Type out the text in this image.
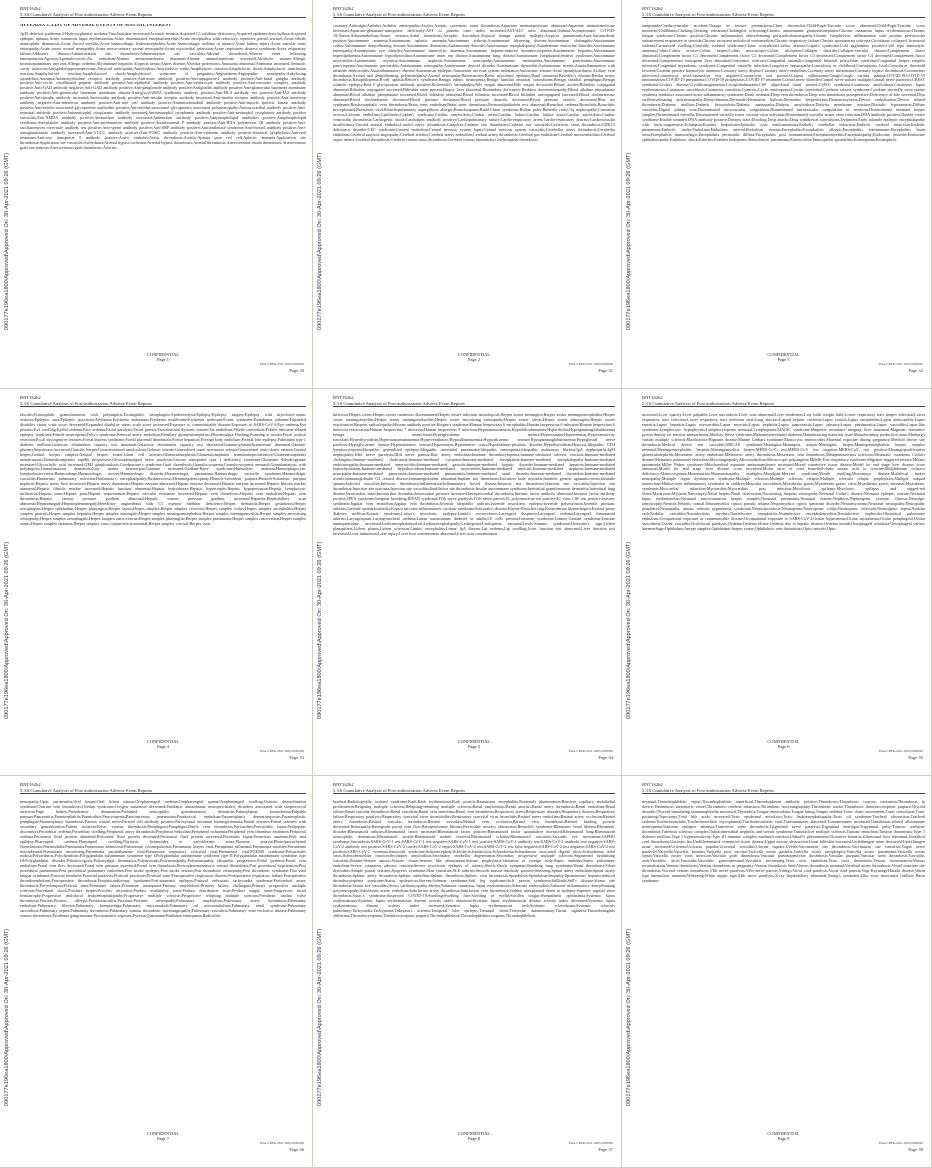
090177e196ea1800\Approved\Approved On: 30-Apr-2021 09:26 (GMT)
BNT162b2
5.3.6 Cumulative Analysis of Post-authorization Adverse Event Reports
APPENDIX 1. LIST OF ADVERSE EVENTS OF SPECIAL INTEREST
1p36 deletion syndrome;2-Hydroxyglutaric aciduria;5'nucleotidase increased;Acoustic neuritis;Acquired C1 inhibitor deficiency;Acquired epidermolysis bullosa;Acquired epileptic aphasia;Acute cutaneous lupus erythematosus;Acute disseminated encephalomyelitis;Acute encephalitis with refractory, repetitive partial seizures;Acute febrile neutrophilic dermatosis;Acute flaccid myelitis;Acute haemorrhagic leukoencephalitis;Acute haemorrhagic oedema of infancy;Acute kidney injury;Acute macular outer retinopathy;Acute motor axonal neuropathy;Acute motor-sensory axonal neuropathy;Acute myocardial infarction;Acute respiratory distress syndrome;Acute respiratory failure;Addison's disease;Administration site thrombosis;Administration site vasculitis;Adrenal thrombosis;Adverse event following immunisation;Ageusia;Agranulocytosis;Air embolism;Alanine aminotransferase abnormal;Alanine aminotransferase increased;Alcoholic seizure;Allergic bronchopulmonary mycosis;Allergic oedema;Alloimmune hepatitis;Alopecia areata;Alpers disease;Alveolar proteinosis;Ammonia abnormal;Ammonia increased;Amniotic cavity infection;Amygdalohippocampectomy;Amyloid arthropathy;Amyloidosis;Amyloidosis senile;Anaphylactic reaction;Anaphylactic shock;Anaphylactic transfusion reaction;Anaphylactoid reaction;Anaphylactoid shock;Anaphylactoid syndrome of pregnancy;Angioedema;Angiopathic neuropathy;Ankylosing spondylitis;Anosmia;Antiacetylcholine receptor antibody positive;Anti-actin antibody positive;Anti-aquaporin-4 antibody positive;Anti-basal ganglia antibody positive;Anti-cyclic citrullinated peptide antibody positive;Anti-epithelial antibody positive;Anti-erythrocyte antibody positive;Anti-exosome complex antibody positive;Anti-GAD antibody negative;Anti-GAD antibody positive;Anti-ganglioside antibody positive;Antigliadin antibody positive;Anti-glomerular basement membrane antibody positive;Anti-glomerular basement membrane disease;Anti-glycyl-tRNA synthetase antibody positive;Anti-HLA antibody test positive;Anti-IA2 antibody positive;Anti-insulin antibody increased;Anti-insulin antibody positive;Anti-insulin receptor antibody increased;Anti-insulin receptor antibody positive;Anti-interferon antibody negative;Anti-interferon antibody positive;Anti-islet cell antibody positive;Antimitochondrial antibody positive;Anti-muscle specific kinase antibody positive;Anti-myelin-associated glycoprotein antibodies positive;Anti-myelin-associated glycoprotein associated polyneuropathy;Antimyocardial antibody positive;Anti-neuronal antibody positive;Antineutrophil cytoplasmic antibody increased;Antineutrophil cytoplasmic antibody positive;Anti-neutrophil cytoplasmic antibody positive vasculitis;Anti-NMDA antibody positive;Antinuclear antibody increased;Antinuclear antibody positive;Antiphospholipid antibodies positive;Antiphospholipid syndrome;Anti-platelet antibody positive;Anti-prothrombin antibody positive;Antiribosomal P antibody positive;Anti-RNA polymerase III antibody positive;Anti-saccharomyces cerevisiae antibody test positive;Anti-sperm antibody positive;Anti-SRP antibody positive;Antisynthetase syndrome;Anti-thyroid antibody positive;Anti-transglutaminase antibody increased;Anti-VGCC antibody positive;Anti-VGKC antibody positive;Anti-vimentin antibody positive;Antiviral prophylaxis;Antiviral treatment;Anti-zinc transporter 8 antibody positive;Aortic embolus;Aortic thrombosis;Aortitis;Aplasia pure red cell;Aplastic anaemia;Application site thrombosis;Application site vasculitis;Arrhythmia;Arterial bypass occlusion;Arterial bypass thrombosis;Arterial thrombosis;Arteriovenous fistula thrombosis;Arteriovenous graft site stenosis;Arteriovenous graft thrombosis;Arteritis
CONFIDENTIAL
Page 1
FDA-CBER-2021-5683-0000000
Page 30
090177e196ea1800\Approved\Approved On: 30-Apr-2021 09:26 (GMT)
BNT162b2
5.3.6 Cumulative Analysis of Post-authorization Adverse Event Reports
coronary;Arthralgia;Arthritis;Arthritis enteropathic;Ascites;Aseptic cavernous sinus thrombosis;Aspartate aminotransferase abnormal;Aspartate aminotransferase increased;Aspartate-glutamate-transporter deficiency;AST to platelet ratio index increased;AST/ALT ratio abnormal;Asthma;Asymptomatic COVID-19;Ataxia;Atheroembolism;Atonic seizures;Atrial thrombosis;Atrophic thyroiditis;Atypical benign partial epilepsy;Atypical pneumonia;Aura;Autoantibody positive;Autoimmune anaemia;Autoimmune aplastic anaemia;Autoimmune arthritis;Autoimmune blistering disease;Autoimmune cholangitis;Autoimmune colitis;Autoimmune demyelinating disease;Autoimmune dermatitis;Autoimmune disorder;Autoimmune encephalopathy;Autoimmune endocrine disorder;Autoimmune enteropathy;Autoimmune eye disorder;Autoimmune haemolytic anaemia;Autoimmune heparin-induced thrombocytopenia;Autoimmune hepatitis;Autoimmune hyperlipidaemia;Autoimmune hypothyroidism;Autoimmune inner ear disease;Autoimmune lung disease;Autoimmune lymphoproliferative syndrome;Autoimmune myocarditis;Autoimmune myositis;Autoimmune nephritis;Autoimmune neuropathy;Autoimmune neutropenia;Autoimmune pancreatitis;Autoimmune pancytopenia;Autoimmune pericarditis;Autoimmune retinopathy;Autoimmune thyroid disorder;Autoimmune thyroiditis;Autoimmune uveitis;Autoinflammation with infantile enterocolitis;Autoinflammatory disease;Automatism epileptic;Autonomic nervous system imbalance;Autonomic seizure;Axial spondyloarthritis;Axillary vein thrombosis;Axonal and demyelinating polyneuropathy;Axonal neuropathy;Bacterascites;Baltic myoclonic epilepsy;Band sensation;Basedow's disease;Basilar artery thrombosis;Basophilopenia;B-cell aplasia;Behcet's syndrome;Benign ethnic neutropenia;Benign familial neonatal convulsions;Benign familial pemphigus;Benign rolandic epilepsy;Beta-2 glycoprotein antibody positive;Bickerstaff's encephalitis;Bile output abnormal;Bile output decreased;Biliary ascites;Bilirubin conjugated abnormal;Bilirubin conjugated increased;Bilirubin urine present;Biopsy liver abnormal;Biotinidase deficiency;Birdshot chorioretinopathy;Blood alkaline phosphatase abnormal;Blood alkaline phosphatase increased;Blood bilirubin abnormal;Blood bilirubin increased;Blood bilirubin unconjugated increased;Blood cholinesterase abnormal;Blood cholinesterase decreased;Blood pressure decreased;Blood pressure diastolic decreased;Blood pressure systolic decreased;Blue toe syndrome;Brachiocephalic vein thrombosis;Brain stem embolism;Brain stem thrombosis;Bromosulphthalein test abnormal;Bronchial oedema;Bronchitis;Bronchitis mycoplasmal;Bronchitis viral;Bronchopulmonary aspergillosis allergic;Bronchospasm;Budd-Chiari syndrome;Bulbar palsy;Butterfly rash;C1q nephropathy;Caesarean section;Calcium embolism;Capillaritis;Caplan's syndrome;Cardiac amyloidosis;Cardiac arrest;Cardiac failure;Cardiac failure acute;Cardiac sarcoidosis;Cardiac ventricular thrombosis;Cardiogenic shock;Cardiolipin antibody positive;Cardiopulmonary failure;Cardio-respiratory arrest;Cardio-respiratory distress;Cardiovascular insufficiency;Carotid arterial embolus;Carotid artery thrombosis;Cataplexy;Catheter site thrombosis;Catheter site vasculitis;Cavernous sinus thrombosis;CDKL5 deficiency disorder;CEC syndrome;Cement embolism;Central nervous system lupus;Central nervous system vasculitis;Cerebellar artery thrombosis;Cerebellar embolism;Cerebral amyloid angiopathy;Cerebral arteritis;Cerebral artery embolism;Cerebral artery thrombosis;Cerebral gas embolism;Cerebral microembolism;Cerebral septic infarct;Cerebral thrombosis;Cerebral venous sinus thrombosis;Cerebral venous thrombosis;Cerebrospinal thrombotic
CONFIDENTIAL
Page 2
FDA-CBER-2021-5683-0000000
Page 31
090177e196ea1800\Approved\Approved On: 30-Apr-2021 09:26 (GMT)
BNT162b2
5.3.6 Cumulative Analysis of Post-authorization Adverse Event Reports
tamponade;Cerebrovascular accident;Change in seizure presentation;Chest discomfort;Child-Pugh-Turcotte score abnormal;Child-Pugh-Turcotte score increased;Chillblains;Choking;Choking sensation;Cholangitis sclerosing;Chronic autoimmune glomerulonephritis;Chronic cutaneous lupus erythematosus;Chronic fatigue syndrome;Chronic gastritis;Chronic inflammatory demyelinating polyradiculoneuropathy;Chronic lymphocytic inflammation with pontine perivascular enhancement responsive to steroids;Chronic recurrent multifocal osteomyelitis;Chronic respiratory failure;Chronic spontaneous urticaria;Circulatory collapse;Circumoral oedema;Circumoral swelling;Clinically isolated syndrome;Clonic convulsion;Coeliac disease;Cogan's syndrome;Cold agglutinins positive;Cold type haemolytic anaemia;Colitis;Colitis erosive;Colitis herpes;Colitis microscopic;Colitis ulcerative;Collagen disorder;Collagen-vascular disease;Complement factor abnormal;Complement factor C1 decreased;Complement factor C2 decreased;Complement factor C3 decreased;Complement factor C4 decreased;Complement factor decreased;Computerised tomogram liver abnormal;Concentric sclerosis;Congenital anomaly;Congenital bilateral perisylvian syndrome;Congenital herpes simplex infection;Congenital myasthenic syndrome;Congenital varicella infection;Congestive hepatopathy;Convulsion in childhood;Convulsions local;Convulsive threshold lowered;Coombs positive haemolytic anaemia;Coronary artery disease;Coronary artery embolism;Coronary artery thrombosis;Coronary bypass thrombosis;Coronavirus infection;Coronavirus test;Coronavirus test negative;Coronavirus test positive;Corpus callosotomy;Cough;Cough variant asthma;COVID-19;COVID-19 immunisation;COVID-19 pneumonia;COVID-19 prophylaxis;COVID-19 treatment;Cranial nerve disorder;Cranial nerve palsies multiple;Cranial nerve paralysis;CREST syndrome;Crohn's disease;Cryofibrinogenaemia;Cryoglobulinaemia;CSF oligoclonal band present;CSWS syndrome;Cutaneous amyloidosis;Cutaneous lupus erythematosus;Cutaneous sarcoidosis;Cutaneous vasculitis;Cyanosis;Cyclic neutropenia;Cystitis interstitial;Cytokine release syndrome;Cytokine storm;De novo purine synthesis inhibitors associated acute inflammatory syndrome;Death neonatal;Deep vein thrombosis;Deep vein thrombosis postoperative;Deficiency of bile secretion;Deja vu;Demyelinating polyneuropathy;Demyelination;Dermatitis;Dermatitis bullous;Dermatitis herpetiformis;Dermatomyositis;Device embolisation;Device related thrombosis;Diabetes mellitus;Diabetic ketoacidosis;Diabetic mastopathy;Dialysis amyloidosis;Dialysis membrane reaction;Diastolic hypotension;Diffuse vasculitis;Digital pitting scar;Disseminated intravascular coagulation;Disseminated intravascular coagulation in newborn;Disseminated neonatal herpes simplex;Disseminated varicella;Disseminated varicella zoster vaccine virus infection;Disseminated varicella zoster virus infection;DNA antibody positive;Double cortex syndrome;Double stranded DNA antibody positive;Dreamy state;Drooling;Drop attacks;Drug withdrawal convulsions;Dyspnoea;Early infantile epileptic encephalopathy with burst-suppression;Eclampsia;Eczema herpeticum;Embolia cutis medicamentosa;Embolic cerebellar infarction;Embolic cerebral infarction;Embolic pneumonia;Embolic stroke;Embolism;Embolism arterial;Embolism venous;Encephalitis;Encephalitis allergic;Encephalitis autoimmune;Encephalitis brain stem;Encephalitis haemorrhagic;Encephalitis periaxialis diffusa;Encephalitis post immunisation;Encephalomyelitis;Encephalopathy;Endocrine disorder;Endocrine ophthalmopathy;Endotoxic shock;Enteritis;Enteritis leukopenic;Enterobacter pneumonia;Enterocolitis;Enteropathic spondylitis;Eosinopenia;Eosinophilic
CONFIDENTIAL
Page 3
FDA-CBER-2021-5683-0000000
Page 32
090177e196ea1800\Approved\Approved On: 30-Apr-2021 09:26 (GMT)
BNT162b2
5.3.6 Cumulative Analysis of Post-authorization Adverse Event Reports
fasciitis;Eosinophilic granulomatosis with polyangiitis;Eosinophilic oesophagitis;Epidermolysis;Epilepsy;Epilepsy surgery;Epilepsy with myoclonic-atonic seizures;Epileptic aura;Epileptic psychosis;Erythema;Erythema induratum;Erythema multiforme;Erythema nodosum;Evans syndrome;Exanthema subitum;Expanded disability status scale score decreased;Expanded disability status scale score increased;Exposure to communicable disease;Exposure to SARS-CoV-2;Eye oedema;Eye pruritus;Eye swelling;Eyelid oedema;Face oedema;Facial paralysis;Facial paresis;Faciobrachial dystonic seizure;Fat embolism;Febrile convulsion;Febrile infection-related epilepsy syndrome;Febrile neutropenia;Felty's syndrome;Femoral artery embolism;Fibrillary glomerulonephritis;Fibromyalgia;Flushing;Foaming at mouth;Focal cortical resection;Focal dyscognitive seizures;Foetal distress syndrome;Foetal placental thrombosis;Foetor hepaticus;Foreign body embolism;Frontal lobe epilepsy;Fulminant type 1 diabetes mellitus;Galactose elimination capacity test abnormal;Galactose elimination capacity test decreased;Gamma-glutamyltransferase abnormal;Gamma-glutamyltransferase increased;Gastritis herpes;Gastrointestinal amyloidosis;Gelastic seizure;Generalised onset non-motor seizure;Generalised tonic-clonic seizure;Genital herpes;Genital herpes simplex;Genital herpes zoster;Giant cell arteritis;Glomerulonephritis;Glomerulonephritis membranoproliferative;Glomerulonephritis membranous;Glomerulonephritis rapidly progressive;Glossopharyngeal nerve paralysis;Glucose transporter type 1 deficiency syndrome;Glutamate dehydrogenase increased;Glycocholic acid increased;GM2 gangliosidosis;Goodpasture's syndrome;Graft thrombosis;Granulocytopenia;Granulocytopenia neonatal;Granulomatosis with polyangiitis;Granulomatous dermatitis;Grey matter heterotopia;Guanase increased;Guillain-Barre syndrome;Haemolytic anaemia;Haemophagocytic lymphohistiocytosis;Haemorrhage;Haemorrhagic ascites;Haemorrhagic disorder;Haemorrhagic pneumonia;Haemorrhagic varicella syndrome;Haemorrhagic vasculitis;Hantavirus pulmonary infection;Hashimoto's encephalopathy;Hashitoxicosis;Hemimegalencephaly;Henoch-Schonlein purpura;Henoch-Schonlein purpura nephritis;Hepatic artery flow decreased;Hepatic artery thrombosis;Hepatic enzyme abnormal;Hepatic enzyme decreased;Hepatic enzyme increased;Hepatic fibrosis marker abnormal;Hepatic fibrosis marker increased;Hepatic function abnormal;Hepatic hydrothorax;Hepatic hypertrophy;Hepatic hypoperfusion;Hepatic lymphocytic infiltration;Hepatic mass;Hepatic pain;Hepatic sequestration;Hepatic vascular resistance increased;Hepatic vein thrombosis;Hepatic vein embolism;Hepatic vein thrombosis;Hepatic venous pressure gradient abnormal;Hepatic venous pressure gradient increased;Hepatitis;Hepatobiliary scan abnormal;Hepatomegaly;Hepatosplenomegaly;Hereditary angioedema with C1 esterase inhibitor deficiency;Herpes dermatitis;Herpes gestationis;Herpes oesophagitis;Herpes ophthalmic;Herpes pharyngitis;Herpes sepsis;Herpes simplex;Herpes simplex cervicitis;Herpes simplex colitis;Herpes simplex encephalitis;Herpes simplex gastritis;Herpes simplex hepatitis;Herpes simplex meningitis;Herpes simplex meningoencephalitis;Herpes simplex meningomyelitis;Herpes simplex necrotising retinopathy;Herpes simplex oesophagitis;Herpes simplex otitis externa;Herpes simplex pharyngitis;Herpes simplex pneumonia;Herpes simplex reactivation;Herpes simplex sepsis;Herpes simplex viraemia;Herpes simplex virus conjunctivitis neonatal;Herpes simplex visceral;Herpes virus
CONFIDENTIAL
Page 4
FDA-CBER-2021-5683-0000000
Page 33
090177e196ea1800\Approved\Approved On: 30-Apr-2021 09:26 (GMT)
BNT162b2
5.3.6 Cumulative Analysis of Post-authorization Adverse Event Reports
infection;Herpes zoster;Herpes zoster cutaneous disseminated;Herpes zoster infection neurological;Herpes zoster meningitis;Herpes zoster meningoencephalitis;Herpes zoster meningomyelitis;Herpes zoster meningoradiculitis;Herpes zoster necrotising retinopathy;Herpes zoster oticus;Herpes zoster pharyngitis;Herpes zoster reactivation;Herpetic radiculopathy;Histone antibody positive;Hoigne's syndrome;Human herpesvirus 6 encephalitis;Human herpesvirus 6 infection;Human herpesvirus 6 infection reactivation;Human herpesvirus 7 infection;Human herpesvirus 8 infection;Hyperammonaemia;Hyperbilirubinaemia;Hypercholia;Hypergammaglobulinaemia benign monoclonal;Hyperglycaemic seizure;Hypersomnia;Hypertension;Hypersensitivity vasculitis;Hyperthyroidism;Hypertransaminasaemia;Hyperventilation;Hypoalbuminaemia;Hypocalcaemic seizure;Hypogammaglobulinaemia;Hypoglossal nerve paralysis;Hypoglycaemic seizure;Hyponatraemic seizure;Hypotension;Hypotensive crisis;Hypothalamo-pituitary disorder;Hypothyroidism;Hypoxia;Idiopathic CD4 lymphocytopenia;Idiopathic generalised epilepsy;Idiopathic interstitial pneumonia;Idiopathic neutropenia;Idiopathic pulmonary fibrosis;IgA nephropathy;IgM nephropathy;IIIrd nerve paralysis;IIIrd nerve paresis;Iliac artery embolism;Immune thrombocytopenia;Immune-mediated adverse reaction;Immune-mediated cholangitis;Immune-mediated cholestasis;Immune-mediated cytopenia;Immune-mediated encephalitis;Immune-mediated encephalopathy;Immune-mediated endocrinopathy;Immune-mediated enterocolitis;Immune-mediated gastritis;Immune-mediated hepatic disorder;Immune-mediated hepatitis;Immune-mediated hyperthyroidism;Immune-mediated hypothyroidism;Immune-mediated myocarditis;Immune-mediated myositis;Immune-mediated nephritis;Immune-mediated neuropathy;Immune-mediated pancreatitis;Immune-mediated pneumonitis;Immune-mediated renal disorder;Immune-mediated thyroiditis;Immune-mediated uveitis;Immunoglobulin G4 related disease;Immunoglobulins abnormal;Implant site thrombosis;Inclusion body myositis;Infantile genetic agranulocytosis;Infantile spasms;Infected vasculitis;Infective thrombosis;Inflammation;Inflammatory bowel disease;Infusion site thrombosis;Infusion site vasculitis;Injection site thrombosis;Injection site urticaria;Injection site vasculitis;Instillation site thrombosis;Insulin autoimmune syndrome;Interstitial granulomatous dermatitis;Interstitial lung disease;Intracardiac mass;Intracardiac thrombus;Intracranial pressure increased;Intrapericardial thrombosis;Intrinsic factor antibody abnormal;Intrinsic factor antibody positive;IPEX syndrome;Irregular breathing;IRVAN syndrome;IVth nerve paralysis;IVth nerve paresis;JC polyomavirus test positive;JC virus CSF test positive;Jeavons syndrome;Jugular vein embolism;Jugular vein thrombosis;Juvenile idiopathic arthritis;Juvenile myoclonic epilepsy;Juvenile polymyositis;Juvenile psoriatic arthritis;Juvenile spondyloarthritis;Kaposi sarcoma inflammatory cytokine syndrome;Kawasaki's disease;Kayser-Fleischer ring;Keratoderma blenorrhagica;Ketosis-prone diabetes mellitus;Kounis syndrome;Lafora's myoclonic epilepsy;Lambl's excrescences;Laryngeal dyspnoea;Laryngeal oedema;Laryngeal rheumatoid arthritis;Laryngospasm;Laryngotracheal oedema;Latent autoimmune diabetes in adults;LE cells present;Lemierre syndrome;Lennox-Gastaut syndrome;Leucine aminopeptidase increased;Leukoencephalomyelitis;Leukoencephalopathy;Leukopenia;Leukopenia neonatal;Lewis-Sumner syndrome;Lhermitte's sign;Lichen planopilaris;Lichen planus;Lichen sclerosus;Limbic encephalitis;Linear IgA disease;Lip oedema;Lip swelling;Liver function test abnormal;Liver function test increased;Liver induration;Liver injury;Liver iron concentration abnormal;Liver iron concentration
CONFIDENTIAL
Page 5
FDA-CBER-2021-5683-0000000
Page 34
090177e196ea1800\Approved\Approved On: 30-Apr-2021 09:26 (GMT)
BNT162b2
5.3.6 Cumulative Analysis of Post-authorization Adverse Event Reports
increased;Liver opacity;Liver palpable;Liver sarcoidosis;Liver scan abnormal;Liver tenderness;Low birth weight baby;Lower respiratory tract herpes infection;Lower respiratory tract infection;Lower respiratory tract infection viral;Lung abscess;Lupoid hepatic cirrhosis;Lupus cystitis;Lupus encephalitis;Lupus endocarditis;Lupus enteritis;Lupus hepatitis;Lupus myocarditis;Lupus myositis;Lupus nephritis;Lupus pancreatitis;Lupus pleurisy;Lupus pneumonitis;Lupus vasculitis;Lupus-like syndrome;Lymphocytic hypophysitis;Lymphocytopenia neonatal;Lymphopenia;MAGIC syndrome;Magnetic resonance imaging liver abnormal;Magnetic resonance proton density fat fraction measurement;Mallory-Weiss syndrome;Malnutrition-related diabetes;Manufacturing materials issue;Manufacturing production issue;Marburg's variant multiple sclerosis;Marchiafava-Bignami disease;Marine Lenhart syndrome;Mastocytic enterocolitis;Maternal exposure during pregnancy;Medical device site thrombosis;Medical device site vasculitis;MELAS syndrome;Meningitis;Meningitis aseptic;Meningitis herpes;Meningoencephalitis herpes simplex neonatal;Meningoencephalitis herpetic;Meningomyelitis herpes;MERS-CoV test;MERS-CoV test negative;MERS-CoV test positive;Mesangioproliferative glomerulonephritis;Mesenteric artery embolism;Mesenteric artery thrombosis;Mesenteric vein thrombosis;Metapneumovirus infection;Metastatic cutaneous Crohn's disease;Metastatic pulmonary embolism;Microangiopathy;Microembolism;Microscopic polyangiitis;Middle East respiratory syndrome;Migraine-triggered seizure;Miliary pneumonia;Miller Fisher syndrome;Mitochondrial aspartate aminotransferase increased;Mixed connective tissue disease;Model for end stage liver disease score abnormal;Model for end stage liver disease score increased;Molar ratio of total branched-chain amino acid to tyrosine;Molybdenum cofactor deficiency;Monocytopenia;Mononeuritis;Mononeuropathy multiplex;Morphoea;Morvan syndrome;Mouth swelling;Moyamoya disease;Multifocal motor neuropathy;Multiple organ dysfunction syndrome;Multiple sclerosis;Multiple sclerosis relapse;Multiple sclerosis relapse prophylaxis;Multiple subpial transection;Multisystem inflammatory syndrome in children;Muscular sarcoidosis;Myasthenia gravis;Myasthenia gravis crisis;Myasthenia gravis neonatal;Myasthenic syndrome;Myocardial infarction;Myocarditis;Myocarditis post infection;Myoclonic epilepsy;Myoclonic epilepsy and ragged-red fibres;Myokymia;Myositis;Narcolepsy;Nasal herpes;Nasal obstruction;Necrotising herpetic retinopathy;Neonatal Crohn's disease;Neonatal epileptic seizure;Neonatal lupus erythematosus;Neonatal mucocutaneous herpes simplex;Neonatal pneumonia;Neonatal seizure;Nephritis;Nephrogenic systemic fibrosis;Neuralgic amyotrophy;Neuritis;Neuritis cranial;Neuromyelitis optica pseudo relapse;Neuromyelitis optica spectrum disorder;Neuromyotonia;Neuronal neuropathy;Neuropathy peripheral;Neuropathy, ataxia, retinitis pigmentosa syndrome;Neurosarcoidosis;Neutropenia;Neutropenic colitis;Neutropenic infection;Neutropenic sepsis;Nodular rash;Nodular vasculitis;Noninfectious myelitis;Noninfective encephalitis;Noninfective encephalomyelitis;Noninfective oophoritis;Obstetrical pulmonary embolism;Occupational exposure to communicable disease;Occupational exposure to SARS-CoV-2;Ocular hyperaemia;Ocular myasthenia;Ocular pemphigoid;Ocular sarcoidosis;Ocular vasculitis;Oculofacial paralysis;Oedema;Oedema blister;Oedema due to hepatic disease;Oedema mouth;Oesophageal achalasia;Oesophageal varices haemorrhage;Ophthalmic herpes simplex;Ophthalmic herpes zoster;Ophthalmic vein thrombosis;Optic neuritis;Optic
CONFIDENTIAL
Page 6
FDA-CBER-2021-5683-0000000
Page 35
090177e196ea1800\Approved\Approved On: 30-Apr-2021 09:26 (GMT)
BNT162b2
5.3.6 Cumulative Analysis of Post-authorization Adverse Event Reports
neuropathy;Optic perineuritis;Oral herpes;Oral lichen planus;Oropharyngeal oedema;Oropharyngeal spasm;Oropharyngeal swelling;Osmotic demyelination syndrome;Ovarian vein thrombosis;Overlap syndrome;Oxygen saturation decreased;Paediatric autoimmune neuropsychiatric disorders associated with streptococcal infection;Page kidney;Palindromic rheumatism;Palisaded neutrophilic granulomatous dermatitis;Palmoplantar keratoderma;Palpable purpura;Pancreatitis;Panencephalitis;Panniculitis;Pancytopenia;Paracancerous pneumonia;Paradoxical embolism;Paraneoplastic dermatomyositis;Paraneoplastic pemphigus;Paraneoplastic thrombosis;Paresis cranial nerve;Parietal cell antibody positive;Paroxysmal nocturnal haemoglobinuria;Partial seizures;Partial seizures with secondary generalisation;Patient isolation;Pelvic venous thrombosis;Pemphigoid;Pemphigus;Penile vein thrombosis;Pericarditis;Pericarditis lupus;Perihepatic discomfort;Periorbital oedema;Periorbital swelling;Peripheral artery thrombosis;Peripheral embolism;Peripheral ischaemia;Peripheral vein thrombus extension;Periportal oedema;Peritoneal fluid protein abnormal;Peritoneal fluid protein decreased;Peritoneal fluid protein increased;Peritonitis lupus;Pernicious anaemia;Petit mal epilepsy;Pharyngeal oedema;Pharyngeal swelling;Pityriasis lichenoides et varioliformis acuta;Placenta praevia;Pleuroparenchymal fibroelastosis;Pneumobilia;Pneumonia;Pneumonia adenoviral;Pneumonia cytomegaloviral;Pneumonia herpes viral;Pneumonia influenzal;Pneumonia measles;Pneumonia mycoplasmal;Pneumonia necrotising;Pneumonia parainfluenzae viral;Pneumonia respiratory syncytial viral;Pneumonia viral;POEMS syndrome;Polyarteritis nodosa;Polyarthritis;Polychondritis;Polyglandular autoimmune syndrome type I;Polyglandular autoimmune syndrome type II;Polyglandular autoimmune syndrome type III;Polyglandular disorder;Polymicrogyria;Polymyalgia rheumatica;Polymyositis;Polyneuropathy;Polyneuropathy idiopathic progressive;Portal pyaemia;Portal vein embolism;Portal vein flow decreased;Portal vein pressure increased;Portal vein thrombosis;Portosplenomesenteric venous thrombosis;Post procedural hypotension;Post procedural pneumonia;Post procedural pulmonary embolism;Post stroke epilepsy;Post stroke seizure;Post thrombotic retinopathy;Post thrombotic syndrome;Post viral fatigue syndrome;Postictal headache;Postictal paralysis;Postictal psychosis;Postictal state;Postoperative respiratory distress;Postoperative respiratory failure;Postoperative thromboembolism;Postoperative thrombosis;Postpericardiotomy syndrome;Post-traumatic epilepsy;Postural orthostatic tachycardia syndrome;Precerebral artery thrombosis;Pre-eclampsia;Preictal state;Premature labour;Premature menopause;Primary amyloidosis;Primary biliary cholangitis;Primary progressive multiple sclerosis;Procedural shock;Proctitis herpes;Proctitis ulcerative;Product availability issue;Product distribution issue;Product supply issue;Progressive facial hemiatrophy;Progressive multifocal leukoencephalopathy;Progressive multiple sclerosis;Progressive relapsing multiple sclerosis;Prosthetic cardiac valve thrombosis;Pruritus;Pruritus allergic;Pseudovasculitis;Psoriasis;Psoriatic arthropathy;Pulmonary amyloidosis;Pulmonary artery thrombosis;Pulmonary embolism;Pulmonary fibrosis;Pulmonary haemorrhage;Pulmonary microemboli;Pulmonary oil microembolism;Pulmonary renal syndrome;Pulmonary sarcoidosis;Pulmonary sepsis;Pulmonary thrombosis;Pulmonary tumour thrombotic microangiopathy;Pulmonary vasculitis;Pulmonary veno-occlusive disease;Pulmonary venous thrombosis;Pyoderma gangrenosum;Pyostomatitis vegetans;Pyrexia;Quarantine;Radiation leukopenia;Radiculitis
CONFIDENTIAL
Page 7
FDA-CBER-2021-5683-0000000
Page 36
090177e196ea1800\Approved\Approved On: 30-Apr-2021 09:26 (GMT)
BNT162b2
5.3.6 Cumulative Analysis of Post-authorization Adverse Event Reports
brachial;Radiologically isolated syndrome;Rash;Rash erythematous;Rash pruritic;Rasmussen encephalitis;Raynaud's phenomenon;Reactive capillary endothelial proliferation;Relapsing multiple sclerosis;Relapsing-remitting multiple sclerosis;Renal amyloidosis;Renal arteritis;Renal artery thrombosis;Renal embolism;Renal failure;Renal vascular thrombosis;Renal vasculitis;Renal vein embolism;Renal vein thrombosis;Respiratory arrest;Respiratory disorder;Respiratory distress;Respiratory failure;Respiratory paralysis;Respiratory syncytial virus bronchiolitis;Respiratory syncytial virus bronchitis;Retinal artery embolism;Retinal artery occlusion;Retinal artery thrombosis;Retinal vascular thrombosis;Retinal vasculitis;Retinal vein occlusion;Retinal vein thrombosis;Retinol binding protein decreased;Retinopathy;Retrograde portal vein flow;Retroperitoneal fibrosis;Reversible airways obstruction;Reynold's syndrome;Rheumatic brain disease;Rheumatic disorder;Rheumatoid arthritis;Rheumatoid factor increased;Rheumatoid factor positive;Rheumatoid factor quantitative increased;Rheumatoid lung;Rheumatoid neutrophilic dermatosis;Rheumatoid nodule;Rheumatoid nodule removal;Rheumatoid scleritis;Rheumatoid vasculitis;Saccadic eye movement;SAPHO syndrome;Sarcoidosis;SARS-CoV-1 test;SARS-CoV-1 test negative;SARS-CoV-1 test positive;SARS-CoV-2 antibody test;SARS-CoV-2 antibody test negative;SARS-CoV-2 antibody test positive;SARS-CoV-2 carrier;SARS-CoV-2 sepsis;SARS-CoV-2 test;SARS-CoV-2 test false negative;SARS-CoV-2 test negative;SARS-CoV-2 test positive;SARS-CoV-2 viraemia;Satoyoshi syndrome;Schizencephaly;Scleritis;Sclerodactylia;Scleroderma;Scleroderma associated digital ulcer;Scleroderma renal crisis;Scleroderma-like reaction;Secondary amyloidosis;Secondary cerebellar degeneration;Secondary progressive multiple sclerosis;Segmented hyalinising vasculitis;Seizure;Seizure anoxic;Seizure cluster;Seizure like phenomena;Seizure prophylaxis;Sensation of foreign body;Septic embolus;Septic pulmonary embolism;Severe cutaneous adverse reaction;Severe myoclonic epilepsy of infancy;Shock;Shock symptom;Shrinking lung syndrome;Shunt thrombosis;Silent thyroiditis;Simple partial seizures;Sjogren's syndrome;Skin vasculitis;SLE arthritis;Smooth muscle antibody positive;Sneezing;Spinal artery embolism;Spinal artery thrombosis;Splenic artery thrombosis;Splenic embolism;Splenic thrombosis;Splenic vein thrombosis;Spondylitis;Spondyloarthropathy;Spontaneous heparin-induced thrombocytopenia syndrome;Status epilepticus;Stevens-Johnson syndrome;Stiff leg syndrome;Stiff person syndrome;Stillbirth;Still's disease;Stoma site thrombosis;Stoma site vasculitis;Stress cardiomyopathy;Stridor;Subacute cutaneous lupus erythematosus;Subacute endocarditis;Subacute inflammatory demyelinating polyneuropathy;Subclavian artery embolism;Subclavian artery thrombosis;Subclavian vein thrombosis;Sudden unexplained death in epilepsy;Superior sagittal sinus thrombosis;Susac's syndrome;Suspected COVID-19;Swelling;Swelling face;Swelling of eyelid;Swollen tongue;Sympathetic ophthalmia;Systemic lupus erythematosus;Systemic lupus erythematosus disease activity index abnormal;Systemic lupus erythematosus disease activity index decreased;Systemic lupus erythematosus disease activity index increased;Systemic lupus erythematosus rash;Systemic scleroderma;Systemic sclerosis pulmonary;Tachycardia;Tachypnoea;Takayasu's arteritis;Temporal lobe epilepsy;Terminal ileitis;Testicular autoimmunity;Throat tightness;Thromboangiitis obliterans;Thrombocytopenia;Thrombocytopenic purpura;Thrombophlebitis;Thrombophlebitis migrans;Thrombophlebitis
CONFIDENTIAL
Page 8
FDA-CBER-2021-5683-0000000
Page 37
090177e196ea1800\Approved\Approved On: 30-Apr-2021 09:26 (GMT)
BNT162b2
5.3.6 Cumulative Analysis of Post-authorization Adverse Event Reports
neonatal;Thrombophlebitis septic;Thrombophlebitis superficial;Thromboplastin antibody positive;Thrombosis;Thrombosis corpora cavernosa;Thrombosis in device;Thrombosis mesenteric vessel;Thrombotic cerebral infarction;Thrombotic microangiopathy;Thrombotic stroke;Thrombotic thrombocytopenic purpura;Thyroid disorder;Thyroid stimulating immunoglobulin increased;Thyroiditis;Tongue amyloidosis;Tongue biting;Tongue oedema;Tonic clonic movements;Tonic convulsion;Tonic posturing;Topectomy;Total bile acids increased;Toxic epidermal necrolysis;Toxic leukoencephalopathy;Toxic oil syndrome;Tracheal obstruction;Tracheal oedema;Tracheobronchitis;Tracheobronchitis mycoplasmal;Tracheobronchitis viral;Transaminases abnormal;Transaminases increased;Transfusion-related alloimmune neutropenia;Transient epileptic amnesia;Transverse sinus thrombosis;Trigeminal nerve paralysis;Trigeminal neuralgia;Trigeminal palsy;Truncus coeliacus thrombosis;Tuberous sclerosis complex;Tubulointerstitial nephritis and uveitis syndrome;Tumefactive multiple sclerosis;Tumour embolism;Tumour thrombosis;Type 1 diabetes mellitus;Type I hypersensitivity;Type III immune complex mediated reaction;Uhthoff's phenomenon;Ulcerative keratitis;Ultrasound liver abnormal;Umbilical cord thrombosis;Uncinate fits;Undifferentiated connective tissue disease;Upper airway obstruction;Urine bilirubin increased;Urobilinogen urine decreased;Urobilinogen urine increased;Urticaria;Urticaria papular;Urticarial vasculitis;Uterine rupture;Uveitis;Vaccination site thrombosis;Vaccination site vasculitis;Vagus nerve paralysis;Varicella;Varicella keratitis;Varicella post vaccine;Varicella zoster gastritis;Varicella zoster oesophagitis;Varicella zoster pneumonia;Varicella zoster sepsis;Varicella zoster virus infection;Vascular graft thrombosis;Vascular pseudoaneurysm thrombosis;Vascular purpura;Vascular stent thrombosis;Vasculitic rash;Vasculitic ulcer;Vasculitis;Vasculitis gastrointestinal;Vasculitis necrotising;Vena cava embolism;Vena cava thrombosis;Venous intravasation;Venous recanalisation;Venous thrombosis;Venous thrombosis in pregnancy;Venous thrombosis limb;Venous thrombosis neonatal;Vertebral artery thrombosis;Vessel puncture site thrombosis;Visceral venous thrombosis;VIth nerve paralysis;VIth nerve paresis;Vitiligo;Vocal cord paralysis;Vocal cord paresis;Vogt-Koyanagi-Harada disease;Warm type haemolytic anaemia;Wheezing;White nipple sign;XIth nerve paralysis;X-ray hepatobiliary abnormal;Young's syndrome;Zika virus associated Guillain Barre syndrome.
CONFIDENTIAL
Page 9
FDA-CBER-2021-5683-0000000
Page 38
